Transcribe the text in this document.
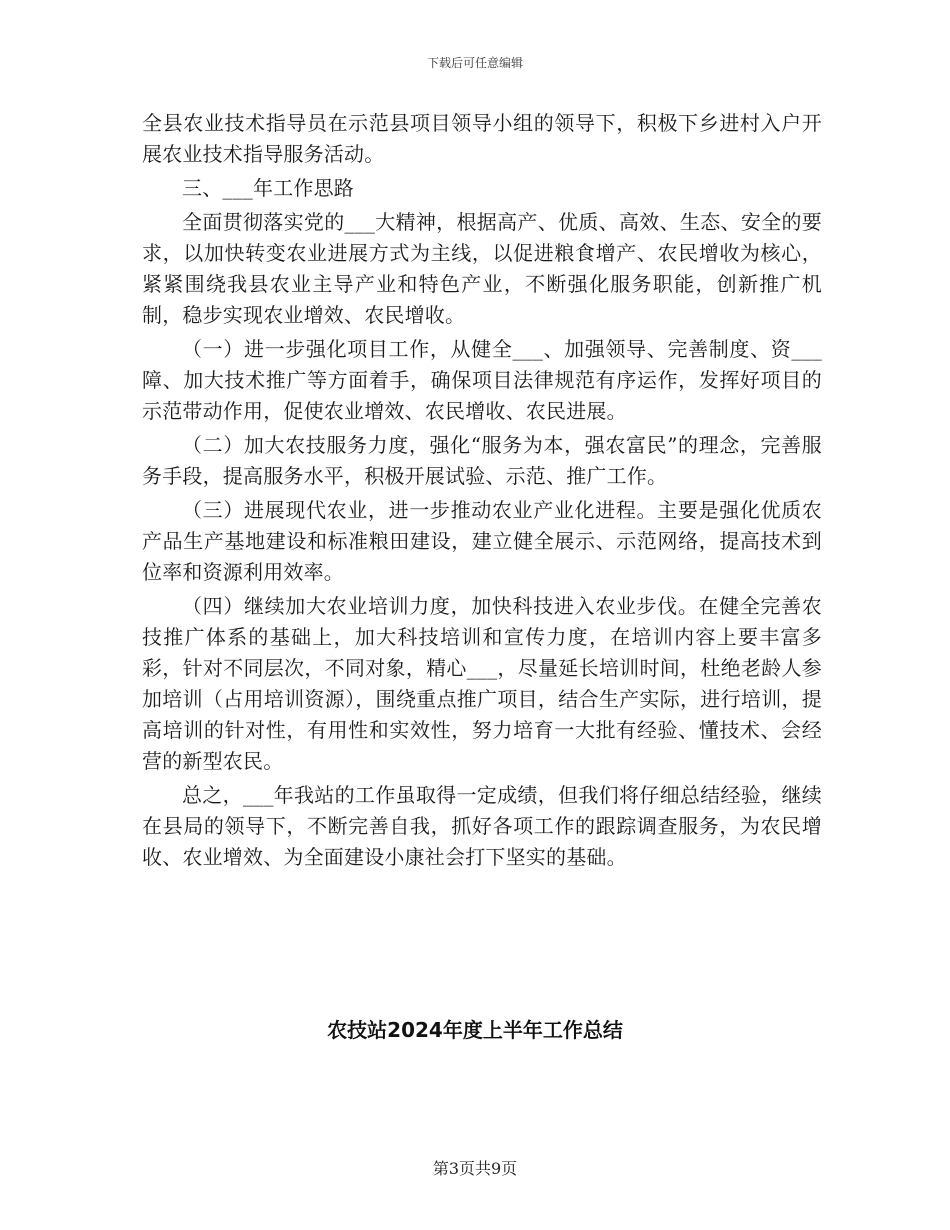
下载后可任意编辑

全县农业技术指导员在示范县项目领导小组的领导下，积极下乡进村入户开展农业技术指导服务活动。

三、___年工作思路

全面贯彻落实党的___大精神，根据高产、优质、高效、生态、安全的要求，以加快转变农业进展方式为主线，以促进粮食增产、农民增收为核心，紧紧围绕我县农业主导产业和特色产业，不断强化服务职能，创新推广机制，稳步实现农业增效、农民增收。

（一）进一步强化项目工作，从健全___、加强领导、完善制度、资___障、加大技术推广等方面着手，确保项目法律规范有序运作，发挥好项目的示范带动作用，促使农业增效、农民增收、农民进展。

（二）加大农技服务力度，强化“服务为本，强农富民”的理念，完善服务手段，提高服务水平，积极开展试验、示范、推广工作。

（三）进展现代农业，进一步推动农业产业化进程。主要是强化优质农产品生产基地建设和标准粮田建设，建立健全展示、示范网络，提高技术到位率和资源利用效率。

（四）继续加大农业培训力度，加快科技进入农业步伐。在健全完善农技推广体系的基础上，加大科技培训和宣传力度，在培训内容上要丰富多彩，针对不同层次，不同对象，精心___，尽量延长培训时间，杜绝老龄人参加培训（占用培训资源），围绕重点推广项目，结合生产实际，进行培训，提高培训的针对性，有用性和实效性，努力培育一大批有经验、懂技术、会经营的新型农民。

总之，___年我站的工作虽取得一定成绩，但我们将仔细总结经验，继续在县局的领导下，不断完善自我，抓好各项工作的跟踪调查服务，为农民增收、农业增效、为全面建设小康社会打下坚实的基础。

农技站2024年度上半年工作总结
第3页共9页
